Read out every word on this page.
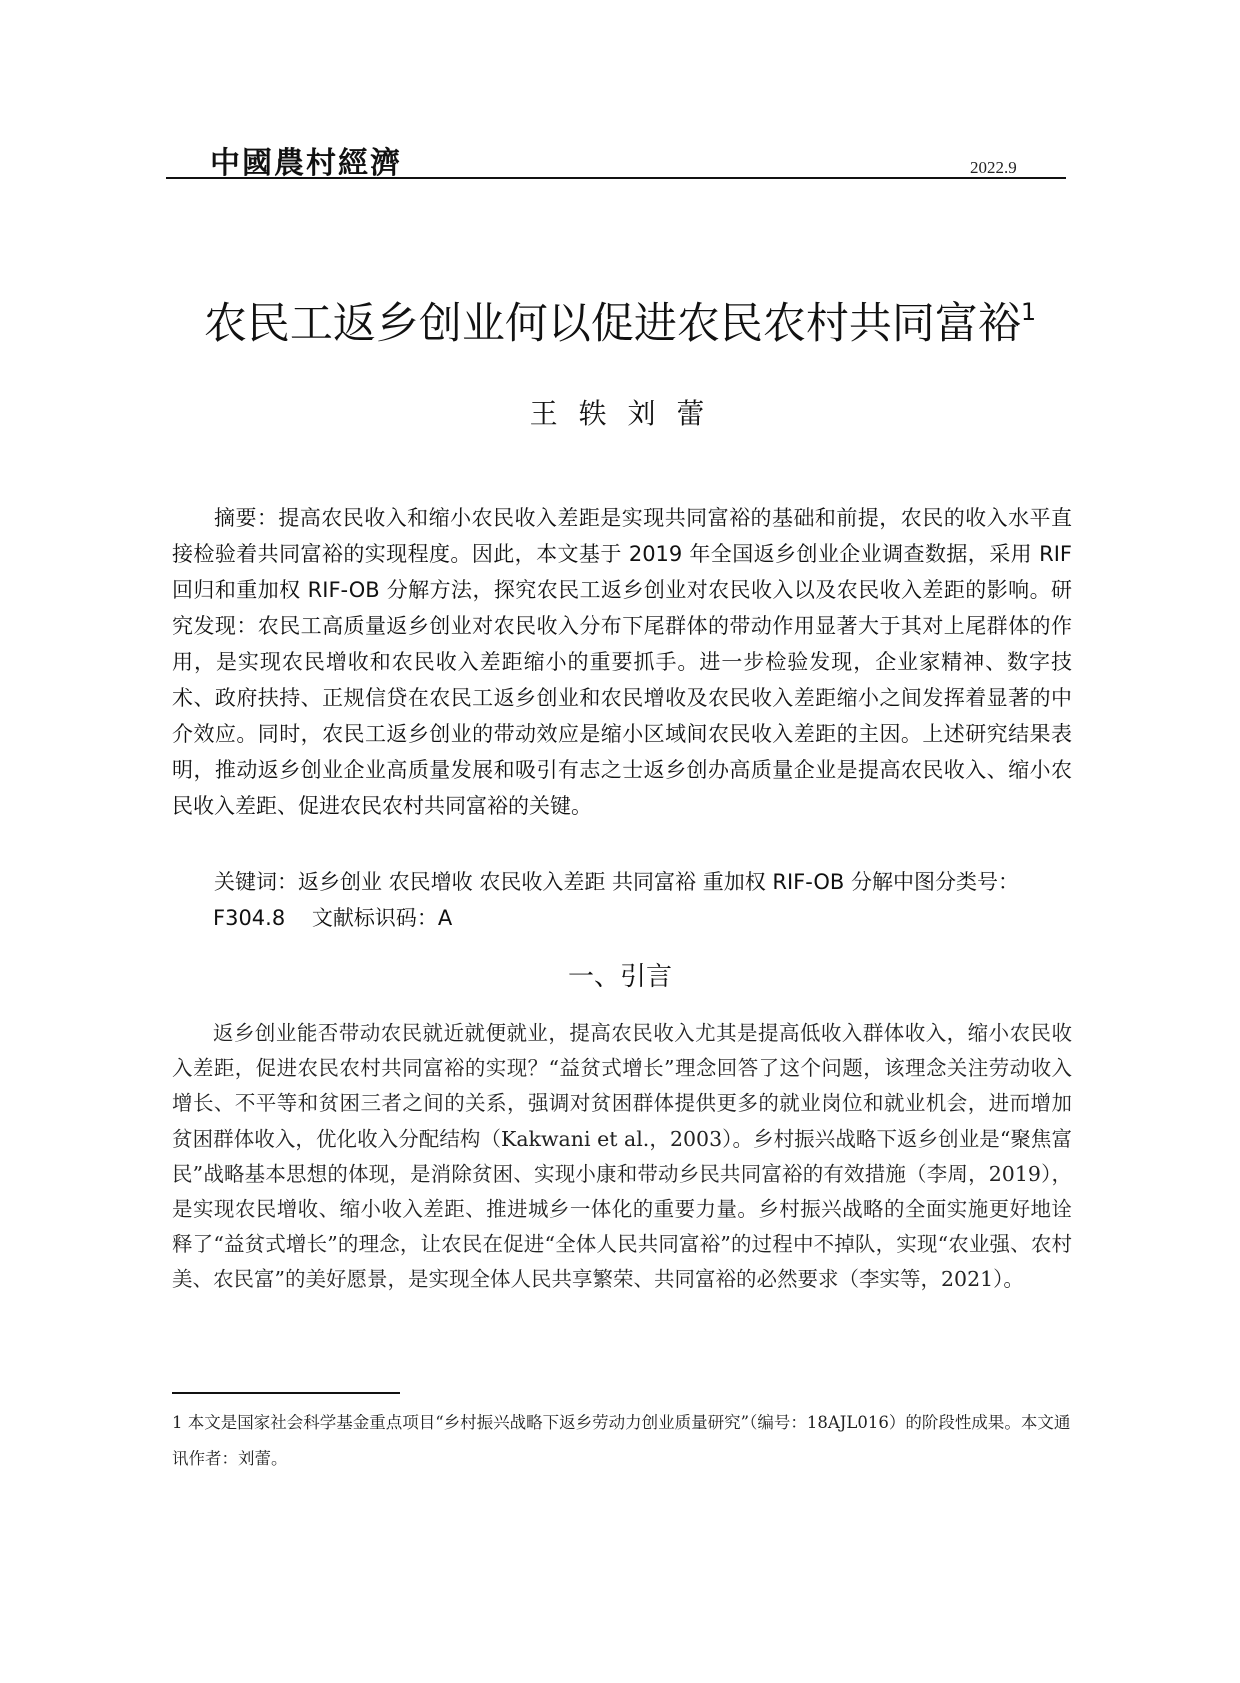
中國農村經濟	2022.9
农民工返乡创业何以促进农民农村共同富裕$^1$
王 轶 刘 蕾
摘要：提高农民收入和缩小农民收入差距是实现共同富裕的基础和前提，农民的收入水平直接检验着共同富裕的实现程度。因此，本文基于 2019 年全国返乡创业企业调查数据，采用 RIF 回归和重加权 RIF-OB 分解方法，探究农民工返乡创业对农民收入以及农民收入差距的影响。研究发现：农民工高质量返乡创业对农民收入分布下尾群体的带动作用显著大于其对上尾群体的作用，是实现农民增收和农民收入差距缩小的重要抓手。进一步检验发现，企业家精神、数字技术、政府扶持、正规信贷在农民工返乡创业和农民增收及农民收入差距缩小之间发挥着显著的中介效应。同时，农民工返乡创业的带动效应是缩小区域间农民收入差距的主因。上述研究结果表明，推动返乡创业企业高质量发展和吸引有志之士返乡创办高质量企业是提高农民收入、缩小农民收入差距、促进农民农村共同富裕的关键。
关键词：返乡创业 农民增收 农民收入差距 共同富裕 重加权 RIF-OB 分解中图分类号：
F304.8    文献标识码：A
一、引言
返乡创业能否带动农民就近就便就业，提高农民收入尤其是提高低收入群体收入，缩小农民收入差距，促进农民农村共同富裕的实现？“益贫式增长”理念回答了这个问题，该理念关注劳动收入增长、不平等和贫困三者之间的关系，强调对贫困群体提供更多的就业岗位和就业机会，进而增加贫困群体收入，优化收入分配结构（Kakwani et al.，2003）。乡村振兴战略下返乡创业是“聚焦富民”战略基本思想的体现，是消除贫困、实现小康和带动乡民共同富裕的有效措施（李周，2019），是实现农民增收、缩小收入差距、推进城乡一体化的重要力量。乡村振兴战略的全面实施更好地诠释了“益贫式增长”的理念，让农民在促进“全体人民共同富裕”的过程中不掉队，实现“农业强、农村美、农民富”的美好愿景，是实现全体人民共享繁荣、共同富裕的必然要求（李实等，2021）。
1 本文是国家社会科学基金重点项目“乡村振兴战略下返乡劳动力创业质量研究”（编号：18AJL016）的阶段性成果。本文通讯作者：刘蕾。
